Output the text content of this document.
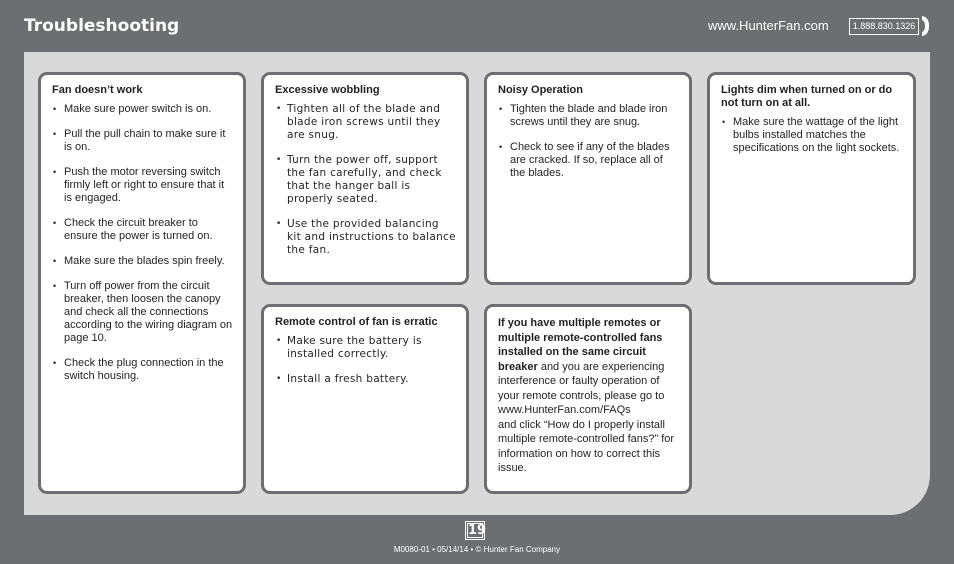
Troubleshooting	www.HunterFan.com	1.888.830.1326
Fan doesn’t work
• Make sure power switch is on.
• Pull the pull chain to make sure it is on.
• Push the motor reversing switch firmly left or right to ensure that it is engaged.
• Check the circuit breaker to ensure the power is turned on.
• Make sure the blades spin freely.
• Turn off power from the circuit breaker, then loosen the canopy and check all the connections according to the wiring diagram on page 10.
• Check the plug connection in the switch housing.
Excessive wobbling
• Tighten all of the blade and blade iron screws until they are snug.
• Turn the power off, support the fan carefully, and check that the hanger ball is properly seated.
• Use the provided balancing kit and instructions to balance the fan.
Noisy Operation
• Tighten the blade and blade iron screws until they are snug.
• Check to see if any of the blades are cracked. If so, replace all of the blades.
Lights dim when turned on or do not turn on at all.
• Make sure the wattage of the light bulbs installed matches the specifications on the light sockets.
Remote control of fan is erratic
• Make sure the battery is installed correctly.
• Install a fresh battery.
If you have multiple remotes or multiple remote-controlled fans installed on the same circuit breaker and you are experiencing interference or faulty operation of your remote controls, please go to
www.HunterFan.com/FAQs
and click “How do I properly install multiple remote-controlled fans?” for information on how to correct this issue.
19
M0080-01 • 05/14/14 • © Hunter Fan Company
